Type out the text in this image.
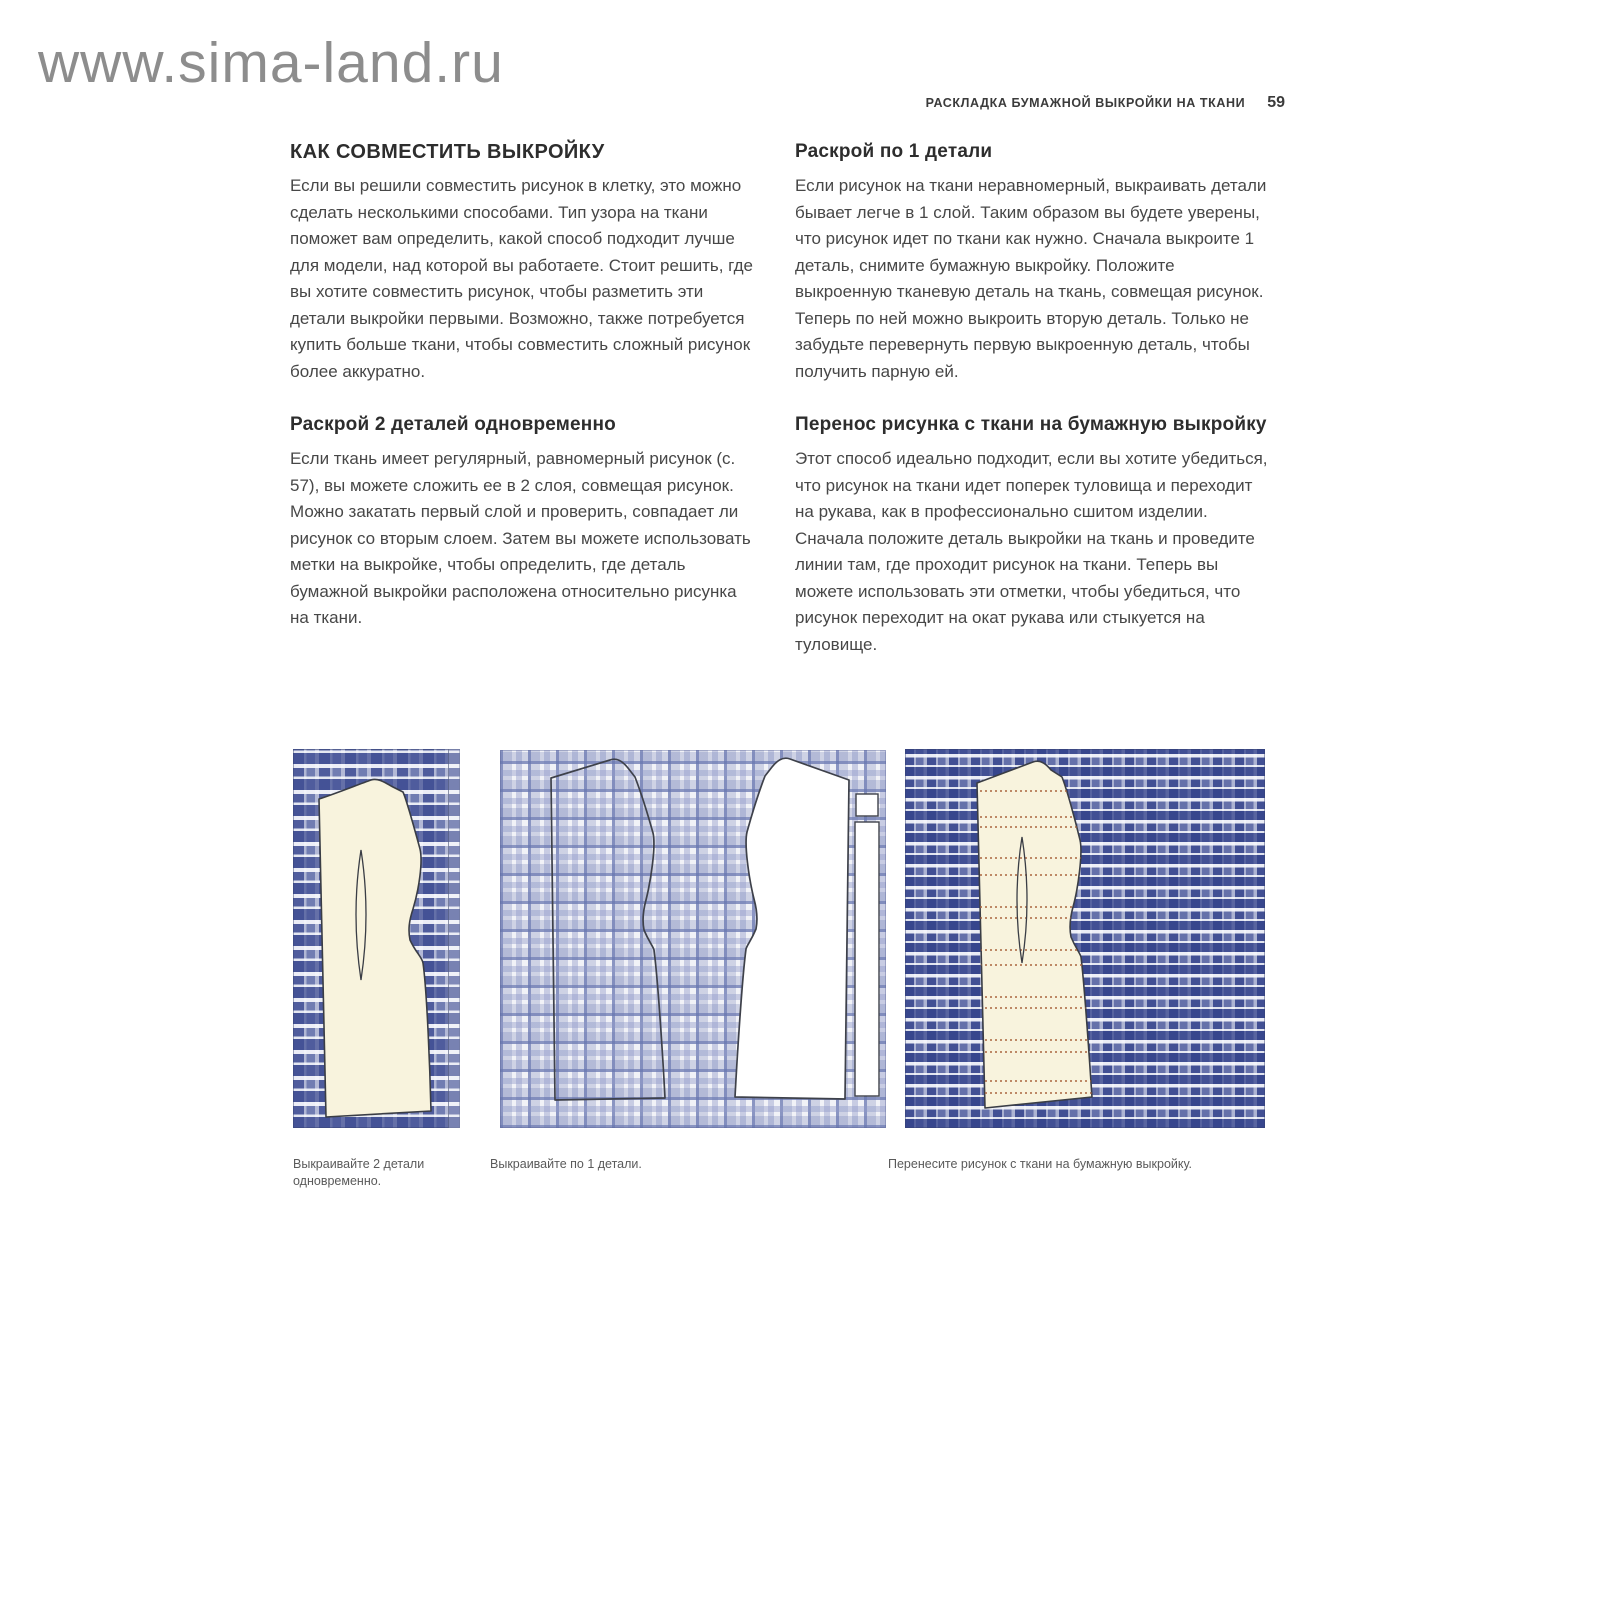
www.sima-land.ru
РАСКЛАДКА БУМАЖНОЙ ВЫКРОЙКИ НА ТКАНИ 59
КАК СОВМЕСТИТЬ ВЫКРОЙКУ

Если вы решили совместить рисунок в клетку, это можно сделать несколькими способами. Тип узора на ткани поможет вам определить, какой способ подходит лучше для модели, над которой вы работаете. Стоит решить, где вы хотите совместить рисунок, чтобы разметить эти детали выкройки первыми. Возможно, также потребуется купить больше ткани, чтобы совместить сложный рисунок более аккуратно.

Раскрой 2 деталей одновременно

Если ткань имеет регулярный, равномерный рисунок (с. 57), вы можете сложить ее в 2 слоя, совмещая рисунок. Можно закатать первый слой и проверить, совпадает ли рисунок со вторым слоем. Затем вы можете использовать метки на выкройке, чтобы определить, где деталь бумажной выкройки расположена относительно рисунка на ткани.

Раскрой по 1 детали

Если рисунок на ткани неравномерный, выкраивать детали бывает легче в 1 слой. Таким образом вы будете уверены, что рисунок идет по ткани как нужно. Сначала выкроите 1 деталь, снимите бумажную выкройку. Положите выкроенную тканевую деталь на ткань, совмещая рисунок. Теперь по ней можно выкроить вторую деталь. Только не забудьте перевернуть первую выкроенную деталь, чтобы получить парную ей.

Перенос рисунка с ткани на бумажную выкройку

Этот способ идеально подходит, если вы хотите убедиться, что рисунок на ткани идет поперек туловища и переходит на рукава, как в профессионально сшитом изделии. Сначала положите деталь выкройки на ткань и проведите линии там, где проходит рисунок на ткани. Теперь вы можете использовать эти отметки, чтобы убедиться, что рисунок переходит на окат рукава или стыкуется на туловище.

Выкраивайте 2 детали одновременно.
Выкраивайте по 1 детали.	Перенесите рисунок с ткани на бумажную выкройку.
